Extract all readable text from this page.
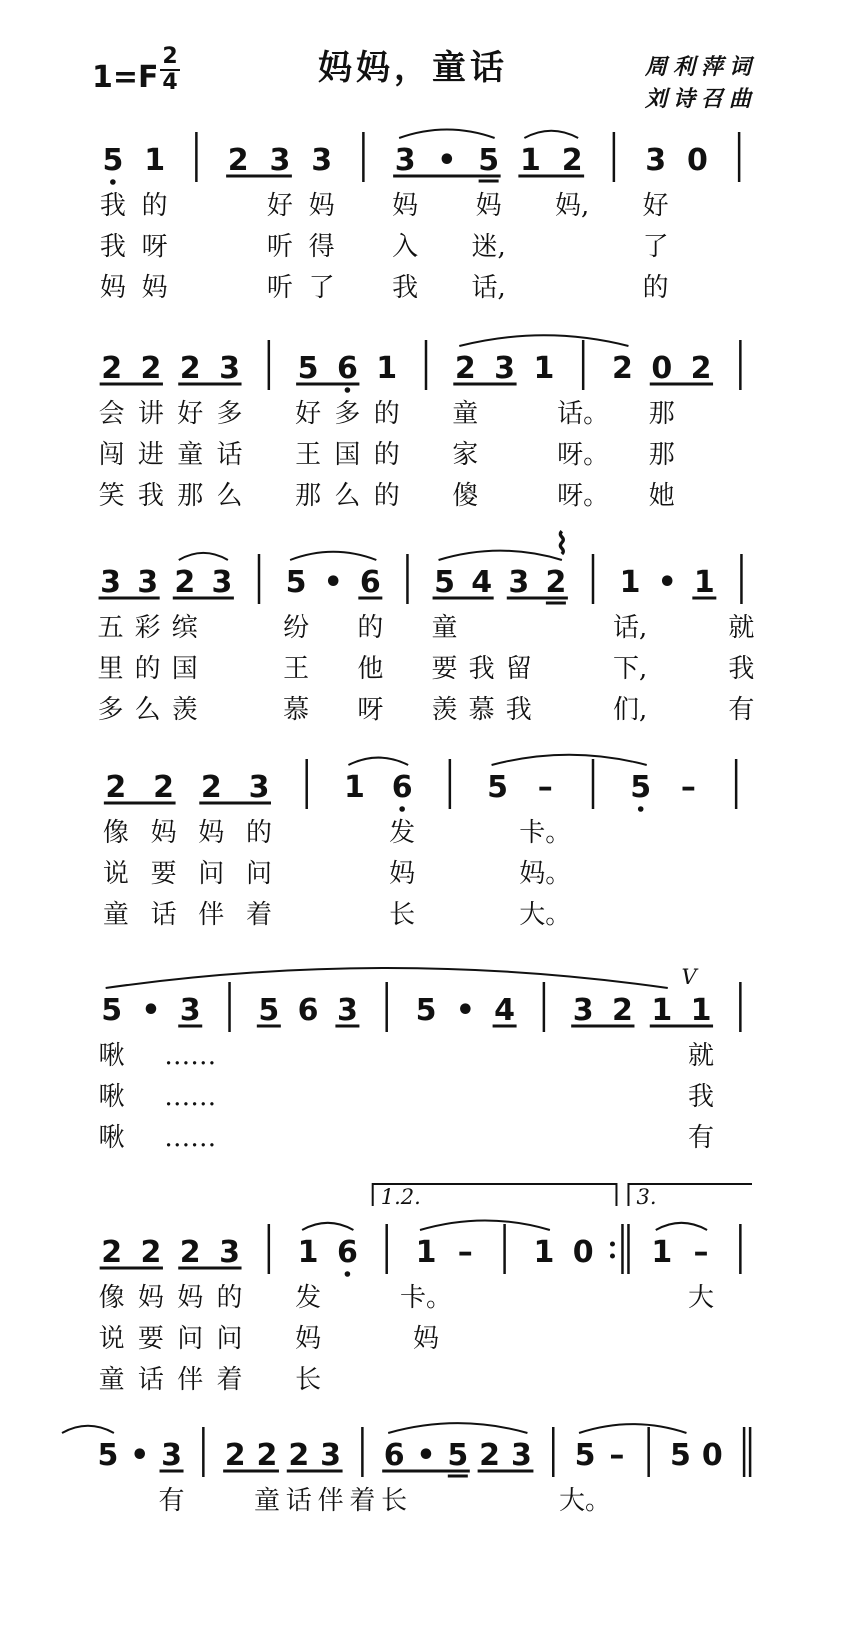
1=F
2
4	妈妈，童话	周利萍词
刘诗召曲
5 1 2 3 3 3 • 5 1 2 3 0
我 的	好 妈 妈	好
妈 妈,
我 呀	听 得 入	了
迷,
妈 妈	听 了 我	的
话,
2 2 2 3 5 6 1 2 3 1 2 0 2
会 讲 好 多 好 多 的 童	话。 那
闯 进 童 话 王 国 的 家	呀。 那
笑 我 那 么 那 么 的 傻	呀。 她
3 3 2 3 5 • 6 5 4 3 2
⌇
1 • 1
五 彩 缤	纷 的 童	话,	就
里 的 国	王 他 要 我 留	下,	我
多 么 羡	慕 呀 羡 慕 我	们,	有
2 2 2 3 1 6 5 –	5 –
像 妈 妈 的	发	卡。
说 要 问 问	妈	妈。
童 话 伴 着	长	大。
5 • 3 5 6 3 5 • 4 3 2 1 1
V
啾 ……	就
啾 ……	我
啾 ……	有
2 2 2 3 1 6 1 – 1 0 1 –
1.2.	3.
像 妈 妈 的 发	卡。	大
说 要 问 问 妈	妈
童 话 伴 着 长
5 • 3 2 2 2 3 6 • 5 2 3 5 – 5 0
有	童 话 伴 着 长	大。
